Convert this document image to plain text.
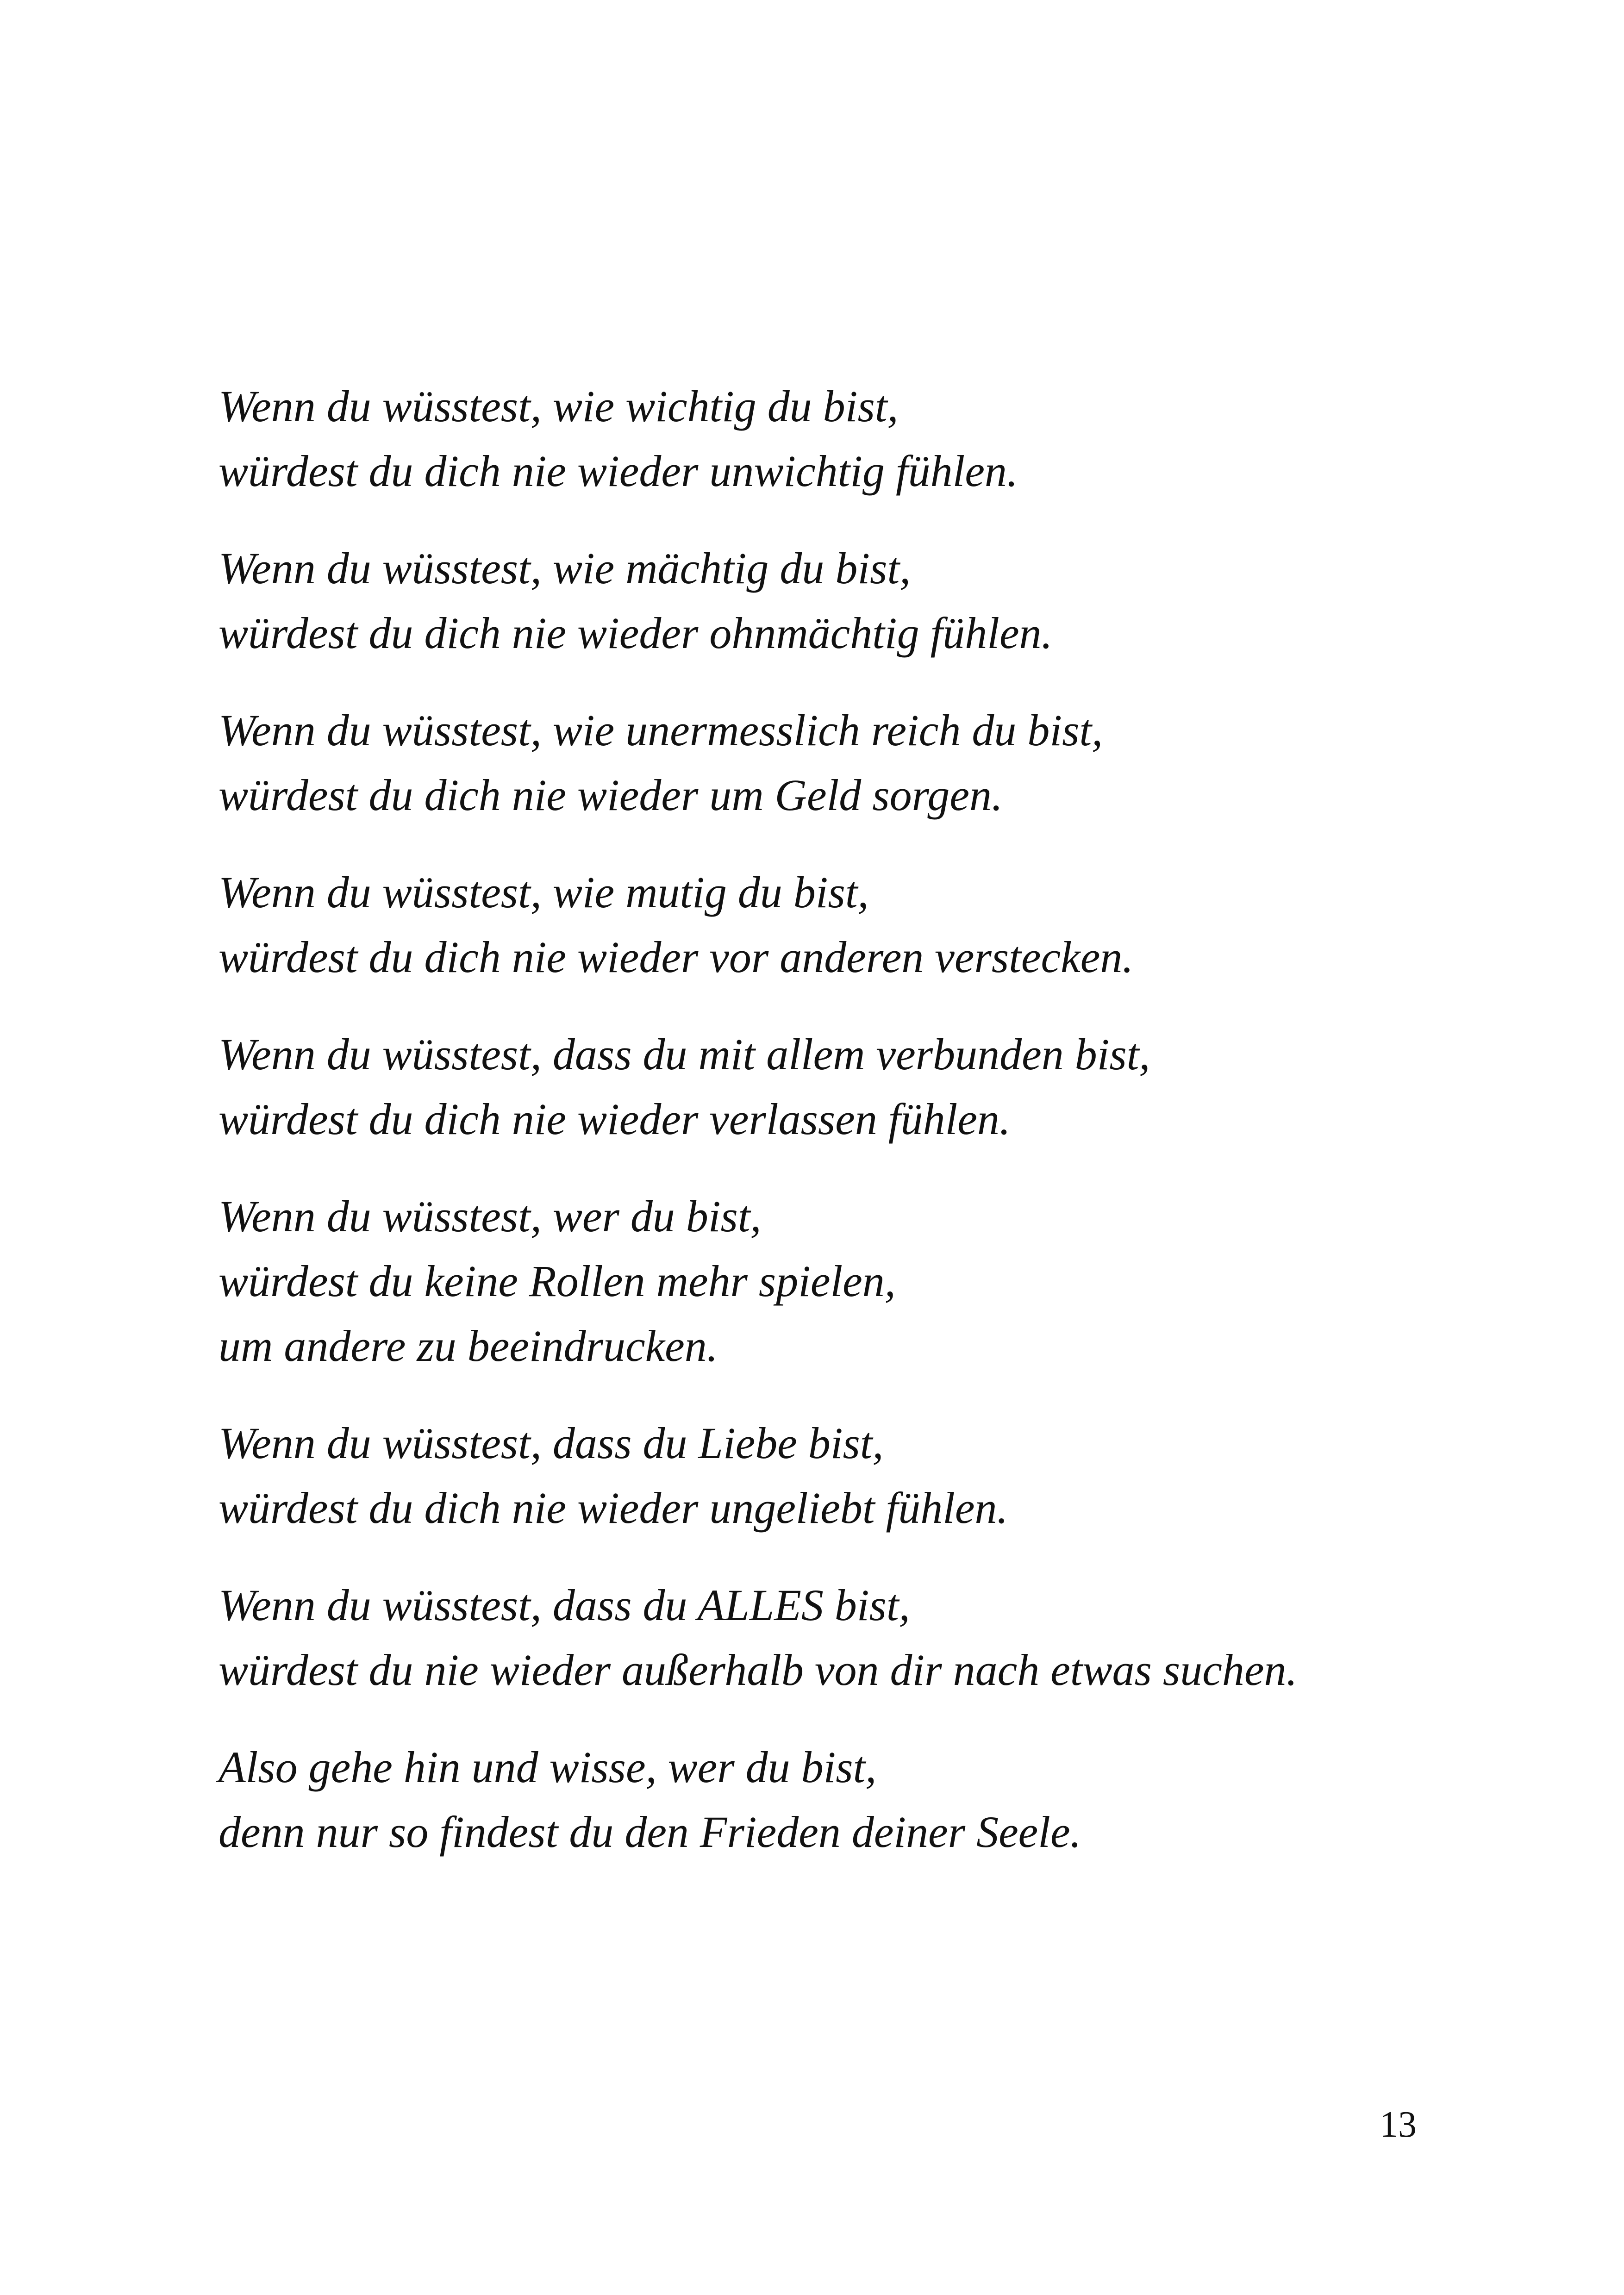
Wenn du wüsstest, wie wichtig du bist,
würdest du dich nie wieder unwichtig fühlen.
Wenn du wüsstest, wie mächtig du bist,
würdest du dich nie wieder ohnmächtig fühlen.
Wenn du wüsstest, wie unermesslich reich du bist,
würdest du dich nie wieder um Geld sorgen.
Wenn du wüsstest, wie mutig du bist,
würdest du dich nie wieder vor anderen verstecken.
Wenn du wüsstest, dass du mit allem verbunden bist,
würdest du dich nie wieder verlassen fühlen.
Wenn du wüsstest, wer du bist,
würdest du keine Rollen mehr spielen,
um andere zu beeindrucken.
Wenn du wüsstest, dass du Liebe bist,
würdest du dich nie wieder ungeliebt fühlen.
Wenn du wüsstest, dass du ALLES bist,
würdest du nie wieder außerhalb von dir nach etwas suchen.
Also gehe hin und wisse, wer du bist,
denn nur so findest du den Frieden deiner Seele.
13
